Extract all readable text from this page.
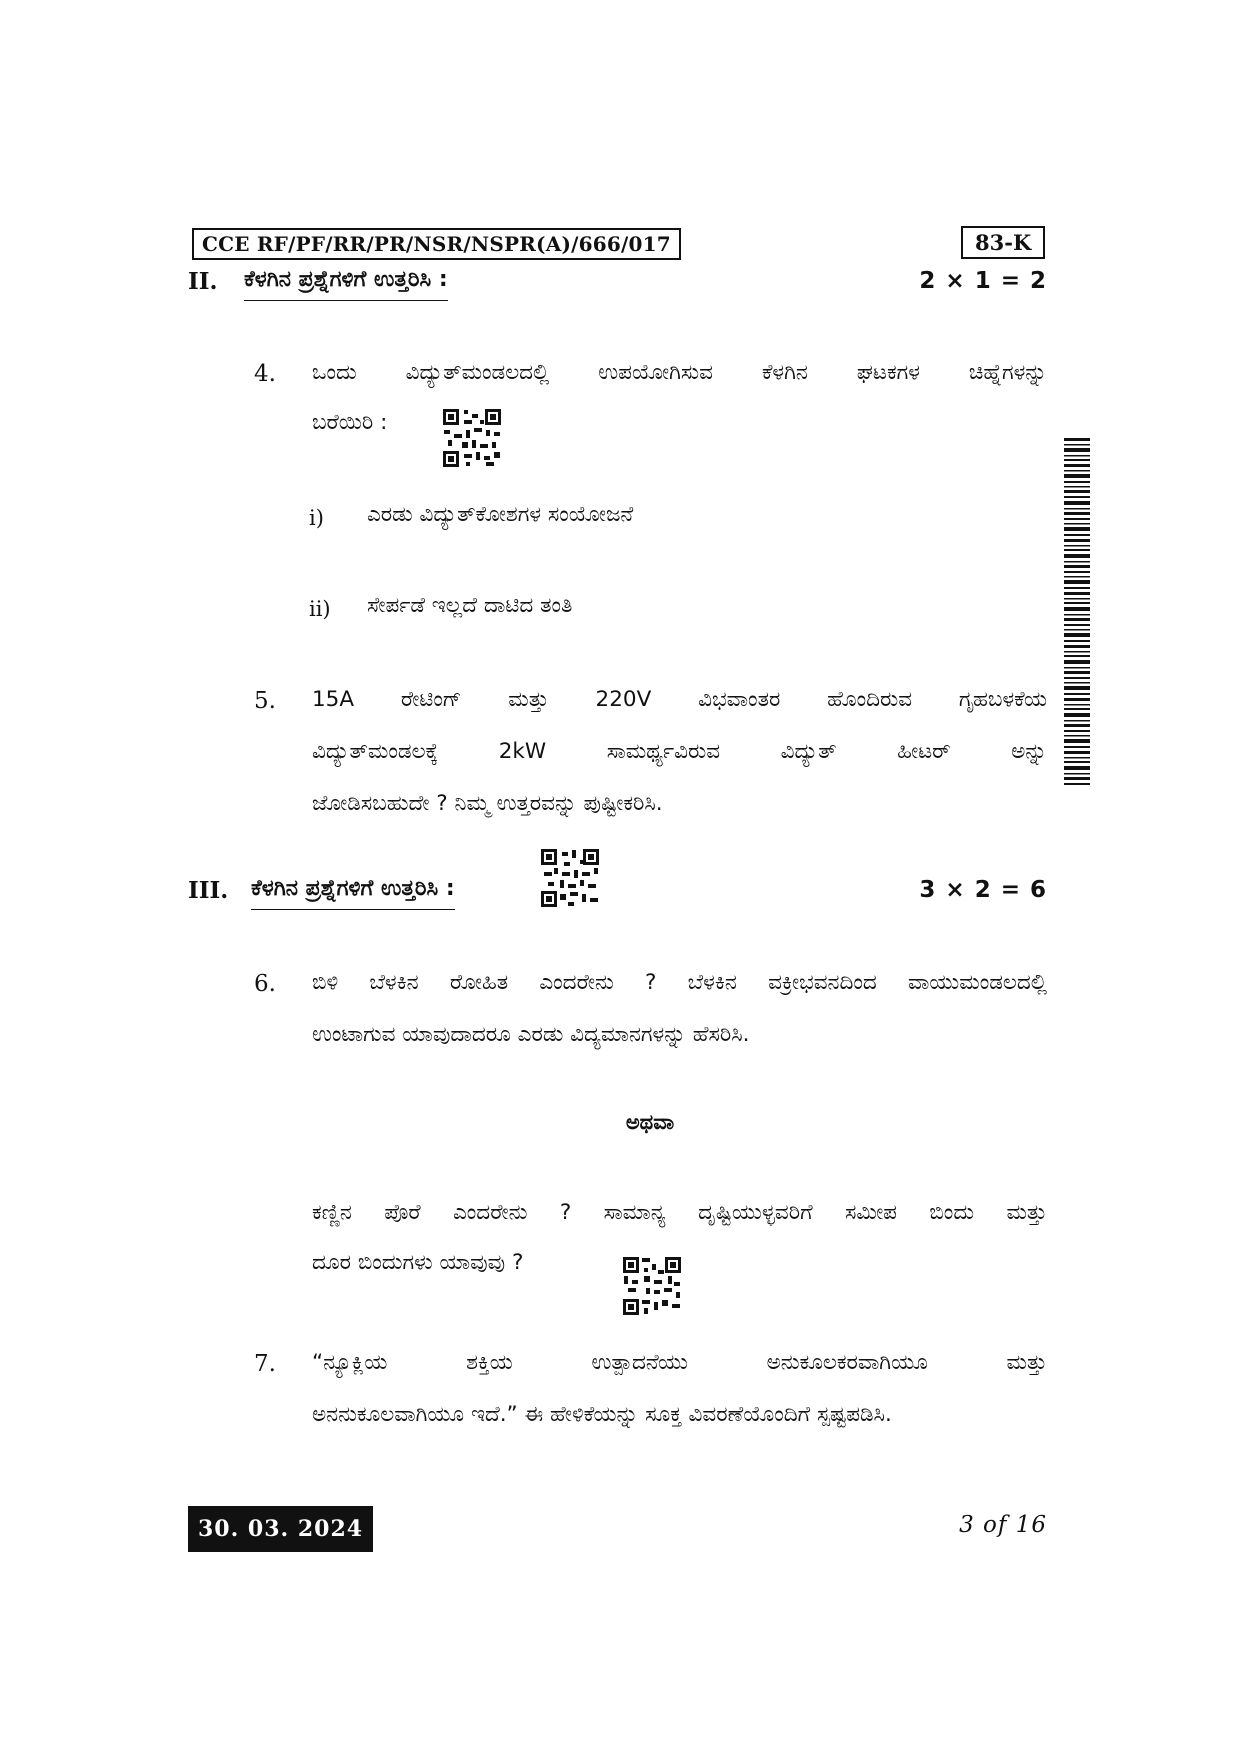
CCE RF/PF/RR/PR/NSR/NSPR(A)/666/017	83-K
II. ಕೆಳಗಿನ ಪ್ರಶ್ನೆಗಳಿಗೆ ಉತ್ತರಿಸಿ :	2 × 1 = 2
4. ಒಂದು ವಿದ್ಯುತ್‌ಮಂಡಲದಲ್ಲಿ ಉಪಯೋಗಿಸುವ ಕೆಳಗಿನ ಘಟಕಗಳ ಚಿಹ್ನೆಗಳನ್ನು
ಬರೆಯಿರಿ :
i) ಎರಡು ವಿದ್ಯುತ್‌ಕೋಶಗಳ ಸಂಯೋಜನೆ
ii) ಸೇರ್ಪಡೆ ಇಲ್ಲದೆ ದಾಟಿದ ತಂತಿ
5. 15A ರೇಟಿಂಗ್ ಮತ್ತು 220V ವಿಭವಾಂತರ ಹೊಂದಿರುವ ಗೃಹಬಳಕೆಯ
ವಿದ್ಯುತ್‌ಮಂಡಲಕ್ಕೆ 2kW ಸಾಮರ್ಥ್ಯವಿರುವ ವಿದ್ಯುತ್ ಹೀಟರ್ ಅನ್ನು
ಜೋಡಿಸಬಹುದೇ ? ನಿಮ್ಮ ಉತ್ತರವನ್ನು ಪುಷ್ಟೀಕರಿಸಿ.
III. ಕೆಳಗಿನ ಪ್ರಶ್ನೆಗಳಿಗೆ ಉತ್ತರಿಸಿ :	3 × 2 = 6
6. ಬಿಳಿ ಬೆಳಕಿನ ರೋಹಿತ ಎಂದರೇನು ? ಬೆಳಕಿನ ವಕ್ರೀಭವನದಿಂದ ವಾಯುಮಂಡಲದಲ್ಲಿ
ಉಂಟಾಗುವ ಯಾವುದಾದರೂ ಎರಡು ವಿದ್ಯಮಾನಗಳನ್ನು ಹೆಸರಿಸಿ.
ಅಥವಾ
ಕಣ್ಣಿನ ಪೊರೆ ಎಂದರೇನು ? ಸಾಮಾನ್ಯ ದೃಷ್ಟಿಯುಳ್ಳವರಿಗೆ ಸಮೀಪ ಬಿಂದು ಮತ್ತು
ದೂರ ಬಿಂದುಗಳು ಯಾವುವು ?
7. “ನ್ಯೂಕ್ಲಿಯ ಶಕ್ತಿಯ ಉತ್ಪಾದನೆಯು ಅನುಕೂಲಕರವಾಗಿಯೂ ಮತ್ತು
ಅನನುಕೂಲವಾಗಿಯೂ ಇದೆ.” ಈ ಹೇಳಿಕೆಯನ್ನು ಸೂಕ್ತ ವಿವರಣೆಯೊಂದಿಗೆ ಸ್ಪಷ್ಟಪಡಿಸಿ.
30. 03. 2024	3 of 16
